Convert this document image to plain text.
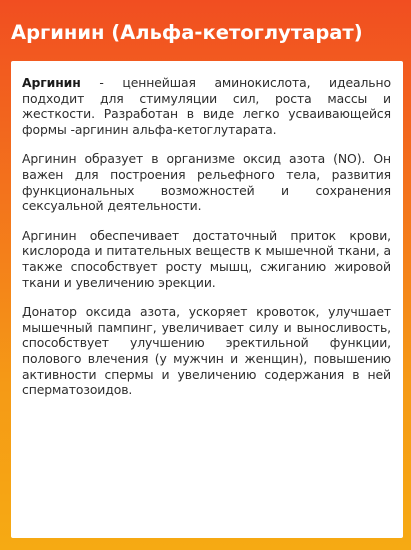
Аргинин (Альфа-кетоглутарат)

Аргинин - ценнейшая аминокислота, идеально подходит для стимуляции сил, роста массы и жесткости. Разработан в виде легко усваивающейся формы -аргинин альфа-кетоглутарата.

Аргинин образует в организме оксид азота (NO). Он важен для построения рельефного тела, развития функциональных возможностей и сохранения сексуальной деятельности.

Аргинин обеспечивает достаточный приток крови, кислорода и питательных веществ к мышечной ткани, а также способствует росту мышц, сжиганию жировой ткани и увеличению эрекции.

Донатор оксида азота, ускоряет кровоток, улучшает мышечный пампинг, увеличивает силу и выносливость, способствует улучшению эректильной функции, полового влечения (у мужчин и женщин), повышению активности спермы и увеличению содержания в ней сперматозоидов.
